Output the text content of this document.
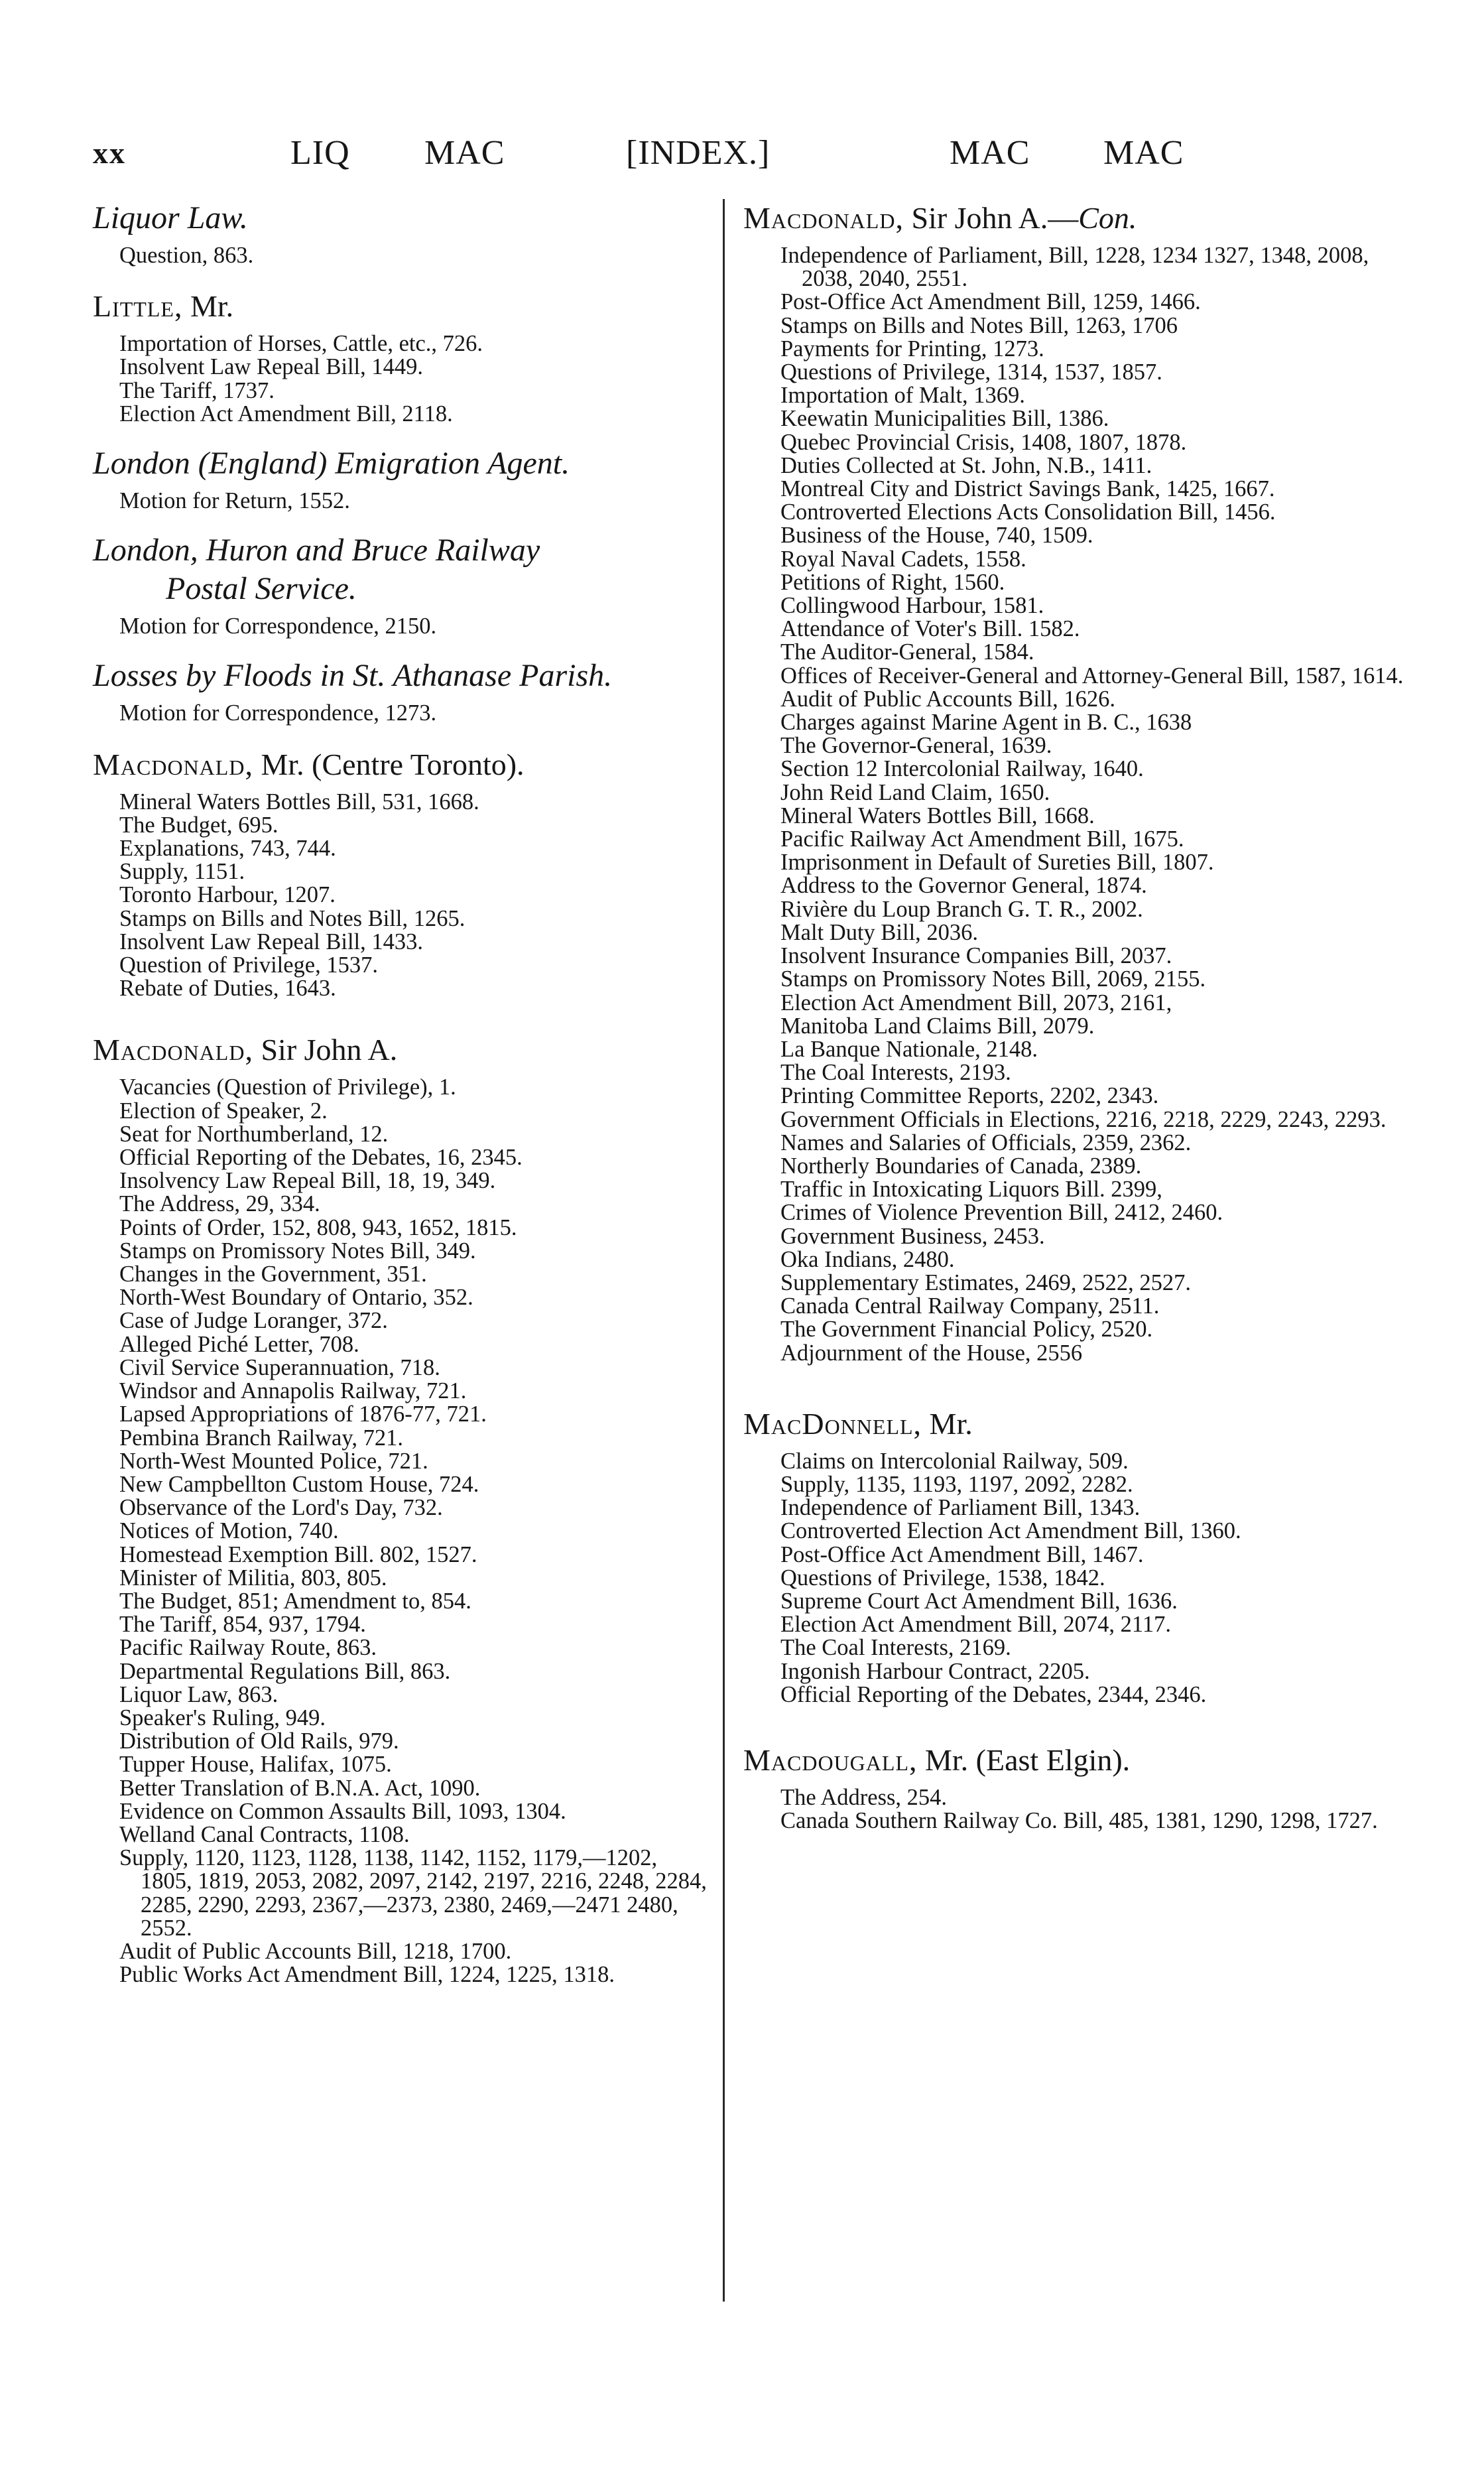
xx	LIQ MAC	[INDEX.]	MAC MAC
Liquor Law.
Question, 863.
Little, Mr.
Importation of Horses, Cattle, etc., 726.
Insolvent Law Repeal Bill, 1449.
The Tariff, 1737.
Election Act Amendment Bill, 2118.
London (England) Emigration Agent.
Motion for Return, 1552.
London, Huron and Bruce Railway
Postal Service.
Motion for Correspondence, 2150.
Losses by Floods in St. Athanase Parish.
Motion for Correspondence, 1273.
Macdonald, Mr. (Centre Toronto).
Mineral Waters Bottles Bill, 531, 1668.
The Budget, 695.
Explanations, 743, 744.
Supply, 1151.
Toronto Harbour, 1207.
Stamps on Bills and Notes Bill, 1265.
Insolvent Law Repeal Bill, 1433.
Question of Privilege, 1537.
Rebate of Duties, 1643.
Macdonald, Sir John A.
Vacancies (Question of Privilege), 1.
Election of Speaker, 2.
Seat for Northumberland, 12.
Official Reporting of the Debates, 16, 2345.
Insolvency Law Repeal Bill, 18, 19, 349.
The Address, 29, 334.
Points of Order, 152, 808, 943, 1652, 1815.
Stamps on Promissory Notes Bill, 349.
Changes in the Government, 351.
North-West Boundary of Ontario, 352.
Case of Judge Loranger, 372.
Alleged Piché Letter, 708.
Civil Service Superannuation, 718.
Windsor and Annapolis Railway, 721.
Lapsed Appropriations of 1876-77, 721.
Pembina Branch Railway, 721.
North-West Mounted Police, 721.
New Campbellton Custom House, 724.
Observance of the Lord's Day, 732.
Notices of Motion, 740.
Homestead Exemption Bill. 802, 1527.
Minister of Militia, 803, 805.
The Budget, 851; Amendment to, 854.
The Tariff, 854, 937, 1794.
Pacific Railway Route, 863.
Departmental Regulations Bill, 863.
Liquor Law, 863.
Speaker's Ruling, 949.
Distribution of Old Rails, 979.
Tupper House, Halifax, 1075.
Better Translation of B.N.A. Act, 1090.
Evidence on Common Assaults Bill, 1093, 1304.
Welland Canal Contracts, 1108.
Supply, 1120, 1123, 1128, 1138, 1142, 1152, 1179,—1202, 1805, 1819, 2053, 2082, 2097, 2142, 2197, 2216, 2248, 2284, 2285, 2290, 2293, 2367,—2373, 2380, 2469,—2471 2480, 2552.
Audit of Public Accounts Bill, 1218, 1700.
Public Works Act Amendment Bill, 1224, 1225, 1318.
Macdonald, Sir John A.—Con.
Independence of Parliament, Bill, 1228, 1234 1327, 1348, 2008, 2038, 2040, 2551.
Post-Office Act Amendment Bill, 1259, 1466.
Stamps on Bills and Notes Bill, 1263, 1706
Payments for Printing, 1273.
Questions of Privilege, 1314, 1537, 1857.
Importation of Malt, 1369.
Keewatin Municipalities Bill, 1386.
Quebec Provincial Crisis, 1408, 1807, 1878.
Duties Collected at St. John, N.B., 1411.
Montreal City and District Savings Bank, 1425, 1667.
Controverted Elections Acts Consolidation Bill, 1456.
Business of the House, 740, 1509.
Royal Naval Cadets, 1558.
Petitions of Right, 1560.
Collingwood Harbour, 1581.
Attendance of Voter's Bill. 1582.
The Auditor-General, 1584.
Offices of Receiver-General and Attorney-General Bill, 1587, 1614.
Audit of Public Accounts Bill, 1626.
Charges against Marine Agent in B. C., 1638
The Governor-General, 1639.
Section 12 Intercolonial Railway, 1640.
John Reid Land Claim, 1650.
Mineral Waters Bottles Bill, 1668.
Pacific Railway Act Amendment Bill, 1675.
Imprisonment in Default of Sureties Bill, 1807.
Address to the Governor General, 1874.
Rivière du Loup Branch G. T. R., 2002.
Malt Duty Bill, 2036.
Insolvent Insurance Companies Bill, 2037.
Stamps on Promissory Notes Bill, 2069, 2155.
Election Act Amendment Bill, 2073, 2161,
Manitoba Land Claims Bill, 2079.
La Banque Nationale, 2148.
The Coal Interests, 2193.
Printing Committee Reports, 2202, 2343.
Government Officials in Elections, 2216, 2218, 2229, 2243, 2293.
Names and Salaries of Officials, 2359, 2362.
Northerly Boundaries of Canada, 2389.
Traffic in Intoxicating Liquors Bill. 2399,
Crimes of Violence Prevention Bill, 2412, 2460.
Government Business, 2453.
Oka Indians, 2480.
Supplementary Estimates, 2469, 2522, 2527.
Canada Central Railway Company, 2511.
The Government Financial Policy, 2520.
Adjournment of the House, 2556
MacDonnell, Mr.
Claims on Intercolonial Railway, 509.
Supply, 1135, 1193, 1197, 2092, 2282.
Independence of Parliament Bill, 1343.
Controverted Election Act Amendment Bill, 1360.
Post-Office Act Amendment Bill, 1467.
Questions of Privilege, 1538, 1842.
Supreme Court Act Amendment Bill, 1636.
Election Act Amendment Bill, 2074, 2117.
The Coal Interests, 2169.
Ingonish Harbour Contract, 2205.
Official Reporting of the Debates, 2344, 2346.
Macdougall, Mr. (East Elgin).
The Address, 254.
Canada Southern Railway Co. Bill, 485, 1381, 1290, 1298, 1727.
